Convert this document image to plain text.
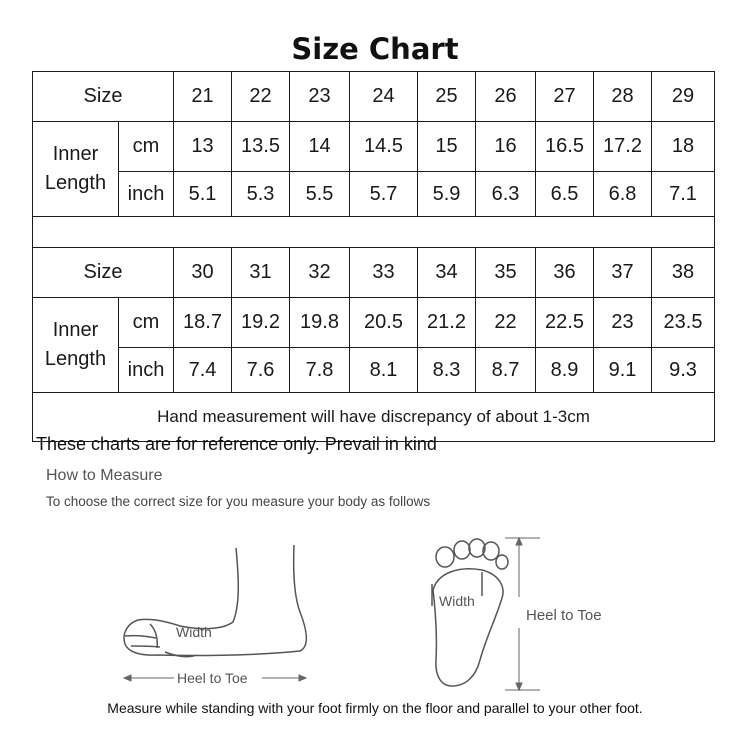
Size Chart
Size		21	22	23	24	25	26	27	28	29
Inner
Length	cm	13	13.5	14	14.5	15	16	16.5	17.2	18
	inch	5.1	5.3	5.5	5.7	5.9	6.3	6.5	6.8	7.1

Size		30	31	32	33	34	35	36	37	38
Inner
Length	cm	18.7	19.2	19.8	20.5	21.2	22	22.5	23	23.5
	inch	7.4	7.6	7.8	8.1	8.3	8.7	8.9	9.1	9.3
Hand measurement will have discrepancy of about 1-3cm										
These charts are for reference only. Prevail in kind
How to Measure
To choose the correct size for you measure your body as follows
Width
Heel to Toe
Width
Heel to Toe
Measure while standing with your foot firmly on the floor and parallel to your other foot.
